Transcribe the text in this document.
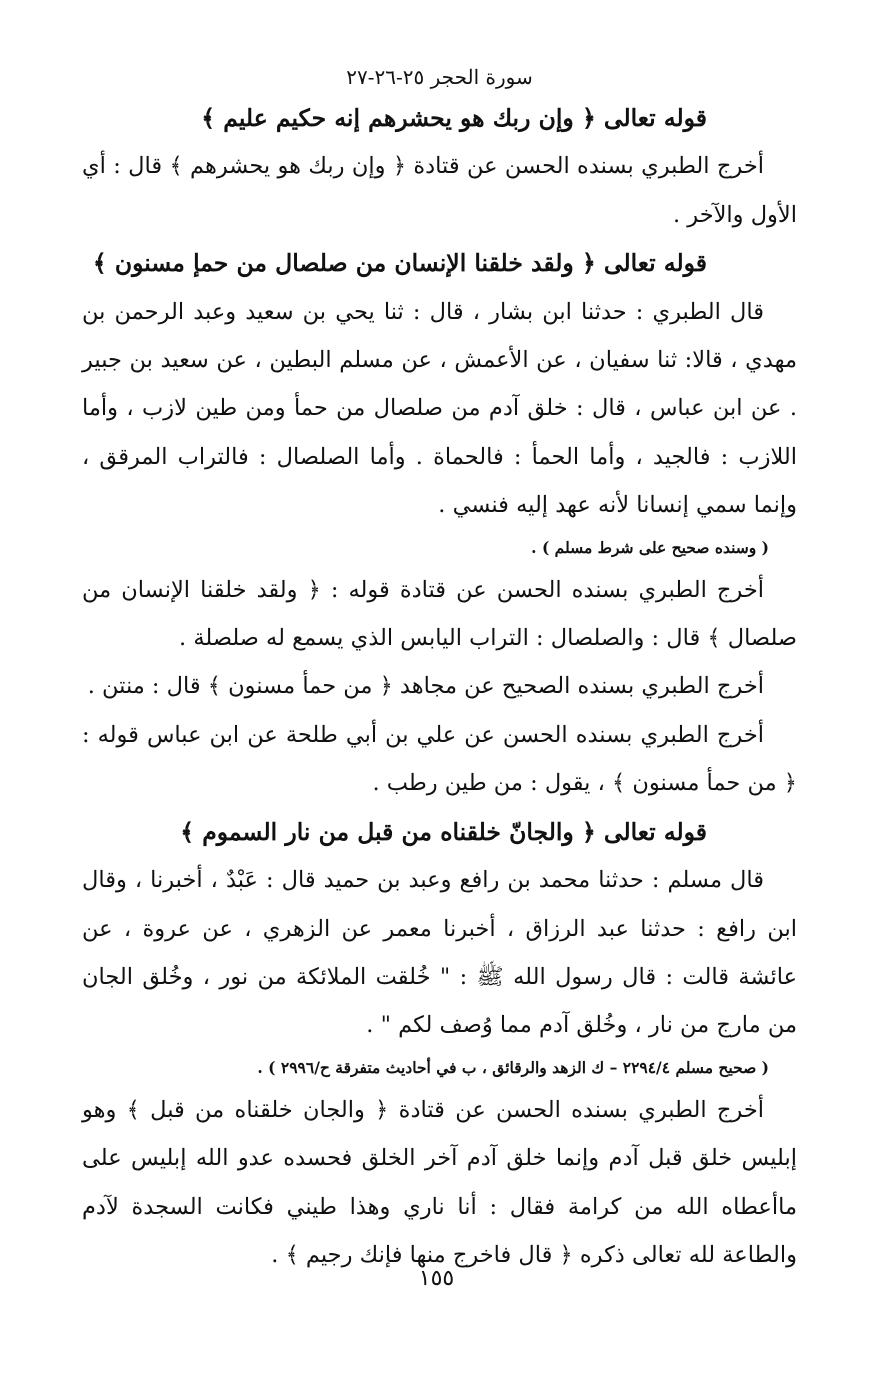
سورة الحجر ٢٥-٢٦-٢٧
قوله تعالى ﴿ وإن ربك هو يحشرهم إنه حكيم عليم ﴾
أخرج الطبري بسنده الحسن عن قتادة ﴿ وإن ربك هو يحشرهم ﴾ قال : أي الأول والآخر .
قوله تعالى ﴿ ولقد خلقنا الإنسان من صلصال من حمإ مسنون ﴾
قال الطبري : حدثنا ابن بشار ، قال : ثنا يحي بن سعيد وعبد الرحمن بن مهدي ، قالا: ثنا سفيان ، عن الأعمش ، عن مسلم البطين ، عن سعيد بن جبير . عن ابن عباس ، قال : خلق آدم من صلصال من حمأ ومن طين لازب ، وأما اللازب : فالجيد ، وأما الحمأ : فالحماة . وأما الصلصال : فالتراب المرقق ، وإنما سمي إنسانا لأنه عهد إليه فنسي .
( وسنده صحيح على شرط مسلم ) .
أخرج الطبري بسنده الحسن عن قتادة قوله : ﴿ ولقد خلقنا الإنسان من صلصال ﴾ قال : والصلصال : التراب اليابس الذي يسمع له صلصلة .
أخرج الطبري بسنده الصحيح عن مجاهد ﴿ من حمأ مسنون ﴾ قال : منتن .
أخرج الطبري بسنده الحسن عن علي بن أبي طلحة عن ابن عباس قوله : ﴿ من حمأ مسنون ﴾ ، يقول : من طين رطب .
قوله تعالى ﴿ والجانّ خلقناه من قبل من نار السموم ﴾
قال مسلم : حدثنا محمد بن رافع وعبد بن حميد قال : عَبْدٌ ، أخبرنا ، وقال ابن رافع : حدثنا عبد الرزاق ، أخبرنا معمر عن الزهري ، عن عروة ، عن عائشة قالت : قال رسول الله ﷺ : " خُلقت الملائكة من نور ، وخُلق الجان من مارج من نار ، وخُلق آدم مما وُصف لكم " .
( صحيح مسلم ٢٢٩٤/٤ – ك الزهد والرقائق ، ب في أحاديث متفرقة ح/٢٩٩٦ ) .
أخرج الطبري بسنده الحسن عن قتادة ﴿ والجان خلقناه من قبل ﴾ وهو إبليس خلق قبل آدم وإنما خلق آدم آخر الخلق فحسده عدو الله إبليس على ماأعطاه الله من كرامة فقال : أنا ناري وهذا طيني فكانت السجدة لآدم والطاعة لله تعالى ذكره ﴿ قال فاخرج منها فإنك رجيم ﴾ .
١٥٥
